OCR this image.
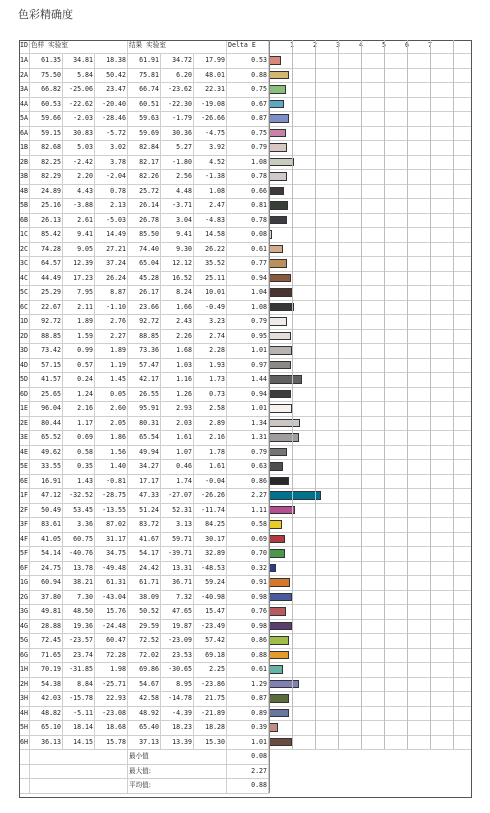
色彩精确度
ID 色样 实验室	结果 实验室	Delta E	1	2	3	4	5	6	7
1A	61.35	34.81	18.38	61.91	34.72	17.99	0.53
2A	75.50	5.84	50.42	75.81	6.20	48.01	0.88
3A	66.82	-25.06	23.47	66.74	-23.62	22.31	0.75
4A	60.53	-22.62	-20.40	60.51	-22.30	-19.08	0.67
5A	59.66	-2.03	-28.46	59.63	-1.79	-26.66	0.87
6A	59.15	30.83	-5.72	59.69	30.36	-4.75	0.75
1B	82.68	5.03	3.02	82.84	5.27	3.92	0.79
2B	82.25	-2.42	3.78	82.17	-1.80	4.52	1.08
3B	82.29	2.20	-2.04	82.26	2.56	-1.38	0.78
4B	24.89	4.43	0.78	25.72	4.48	1.08	0.66
5B	25.16	-3.88	2.13	26.14	-3.71	2.47	0.81
6B	26.13	2.61	-5.03	26.78	3.04	-4.83	0.78
1C	85.42	9.41	14.49	85.50	9.41	14.58	0.08
2C	74.28	9.05	27.21	74.40	9.30	26.22	0.61
3C	64.57	12.39	37.24	65.04	12.12	35.52	0.77
4C	44.49	17.23	26.24	45.28	16.52	25.11	0.94
5C	25.29	7.95	8.87	26.17	8.24	10.01	1.04
6C	22.67	2.11	-1.10	23.66	1.66	-0.49	1.08
1D	92.72	1.89	2.76	92.72	2.43	3.23	0.79
2D	88.85	1.59	2.27	88.85	2.26	2.74	0.95
3D	73.42	0.99	1.89	73.36	1.68	2.28	1.01
4D	57.15	0.57	1.19	57.47	1.03	1.93	0.97
5D	41.57	0.24	1.45	42.17	1.16	1.73	1.44
6D	25.65	1.24	0.05	26.55	1.26	0.73	0.94
1E	96.04	2.16	2.60	95.91	2.93	2.58	1.01
2E	80.44	1.17	2.05	80.31	2.03	2.89	1.34
3E	65.52	0.69	1.86	65.54	1.61	2.16	1.31
4E	49.62	0.58	1.56	49.94	1.07	1.78	0.79
5E	33.55	0.35	1.40	34.27	0.46	1.61	0.63
6E	16.91	1.43	-0.81	17.17	1.74	-0.04	0.86
1F	47.12	-32.52	-28.75	47.33	-27.07	-26.26	2.27
2F	50.49	53.45	-13.55	51.24	52.31	-11.74	1.11
3F	83.61	3.36	87.02	83.72	3.13	84.25	0.58
4F	41.05	60.75	31.17	41.67	59.71	30.17	0.69
5F	54.14	-40.76	34.75	54.17	-39.71	32.89	0.70
6F	24.75	13.78	-49.48	24.42	13.31	-48.53	0.32
1G	60.94	38.21	61.31	61.71	36.71	59.24	0.91
2G	37.80	7.30	-43.04	38.09	7.32	-40.98	0.98
3G	49.81	48.50	15.76	50.52	47.65	15.47	0.76
4G	28.88	19.36	-24.48	29.59	19.87	-23.49	0.98
5G	72.45	-23.57	60.47	72.52	-23.09	57.42	0.86
6G	71.65	23.74	72.28	72.02	23.53	69.18	0.88
1H	70.19	-31.85	1.98	69.86	-30.65	2.25	0.61
2H	54.38	8.84	-25.71	54.67	8.95	-23.86	1.29
3H	42.03	-15.78	22.93	42.58	-14.78	21.75	0.87
4H	48.82	-5.11	-23.08	48.92	-4.39	-21.89	0.89
5H	65.10	18.14	18.68	65.40	18.23	18.28	0.39
6H	36.13	14.15	15.78	37.13	13.39	15.30	1.01
最小值	0.08
最大值:	2.27
平均值:	0.88
